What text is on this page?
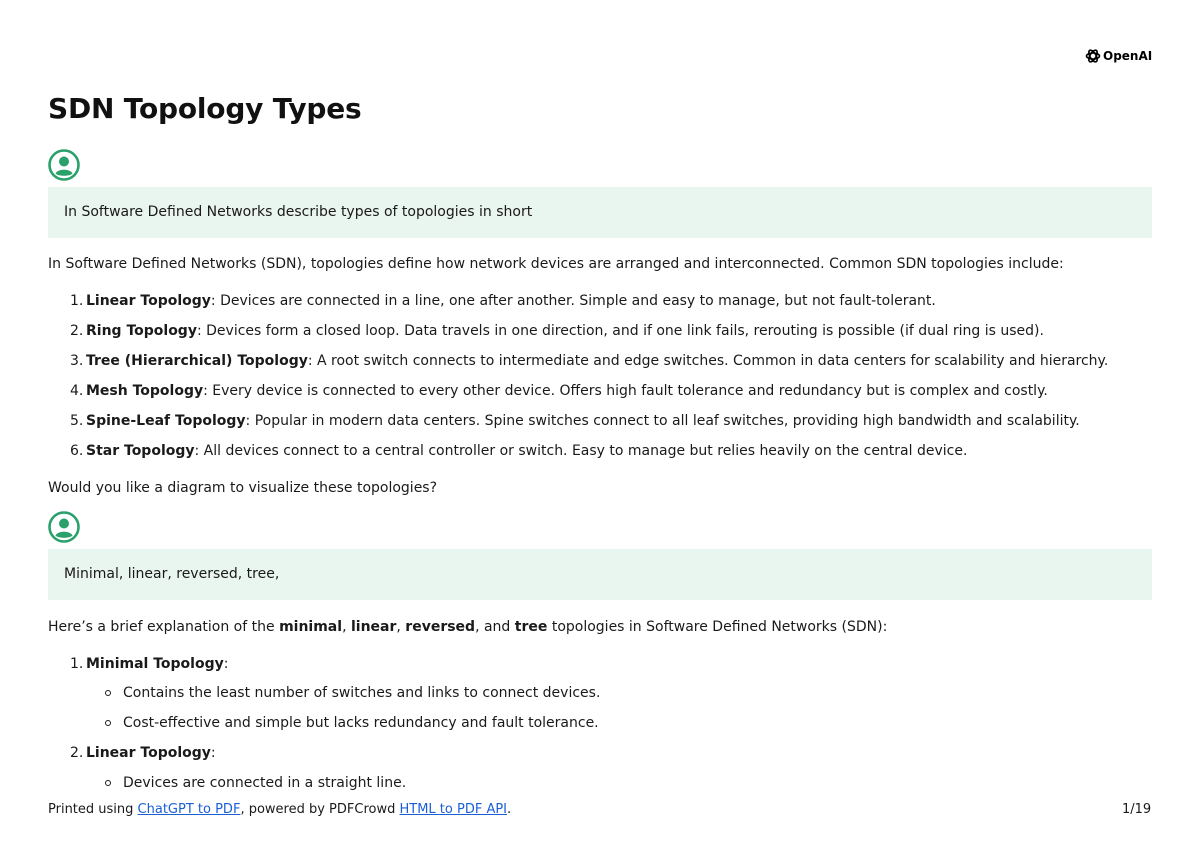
OpenAI
SDN Topology Types
In Software Defined Networks describe types of topologies in short

In Software Defined Networks (SDN), topologies define how network devices are arranged and interconnected. Common SDN topologies include:

1. Linear Topology: Devices are connected in a line, one after another. Simple and easy to manage, but not fault-tolerant.
2. Ring Topology: Devices form a closed loop. Data travels in one direction, and if one link fails, rerouting is possible (if dual ring is used).
3. Tree (Hierarchical) Topology: A root switch connects to intermediate and edge switches. Common in data centers for scalability and hierarchy.
4. Mesh Topology: Every device is connected to every other device. Offers high fault tolerance and redundancy but is complex and costly.
5. Spine-Leaf Topology: Popular in modern data centers. Spine switches connect to all leaf switches, providing high bandwidth and scalability.
6. Star Topology: All devices connect to a central controller or switch. Easy to manage but relies heavily on the central device.

Would you like a diagram to visualize these topologies?

Minimal, linear, reversed, tree,

Here’s a brief explanation of the minimal, linear, reversed, and tree topologies in Software Defined Networks (SDN):

1. Minimal Topology:
Contains the least number of switches and links to connect devices.
Cost-effective and simple but lacks redundancy and fault tolerance.
2. Linear Topology:
Devices are connected in a straight line.
Printed using ChatGPT to PDF, powered by PDFCrowd HTML to PDF API.	1/19
